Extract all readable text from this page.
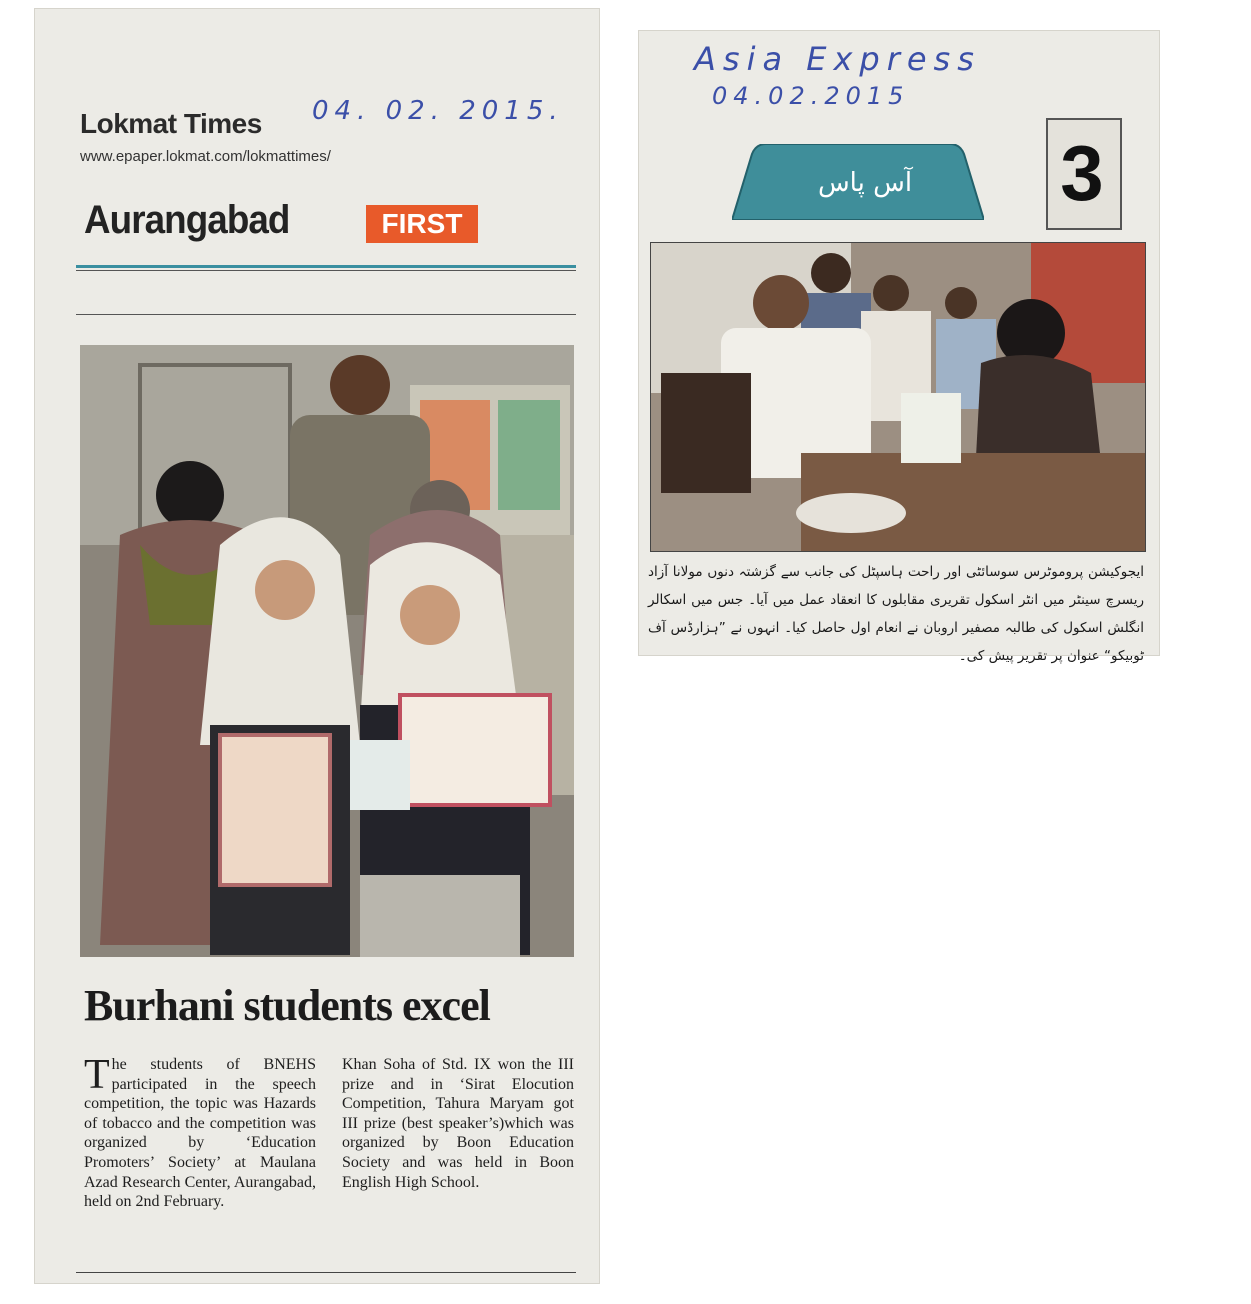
Lokmat Times 04. 02. 2015.
www.epaper.lokmat.com/lokmattimes/
Aurangabad	FIRST
Burhani students excel
The students of BNEHS participated in the speech competition, the topic was Hazards of tobacco and the competition was organized by ‘Education Promoters’ Society’ at Maulana Azad Research Center, Aurangabad, held on 2nd February.
Khan Soha of Std. IX won the III prize and in ‘Sirat Elocution Competition, Tahura Maryam got III prize (best speaker’s)which was organized by Boon Education Society and was held in Boon English High School.
Asia Express
04.02.2015
آس پاس 3
ایجوکیشن پروموٹرس سوسائٹی اور راحت ہاسپٹل کی جانب سے گزشتہ دنوں مولانا آزاد ریسرچ سینٹر میں انٹر اسکول تقریری مقابلوں کا انعقاد عمل میں آیا۔ جس میں اسکالر انگلش اسکول کی طالبہ مصفیر اروبان نے انعام اول حاصل کیا۔ انہوں نے ”ہزارڈس آف ٹوبیکو“ عنوان پر تقریر پیش کی۔
